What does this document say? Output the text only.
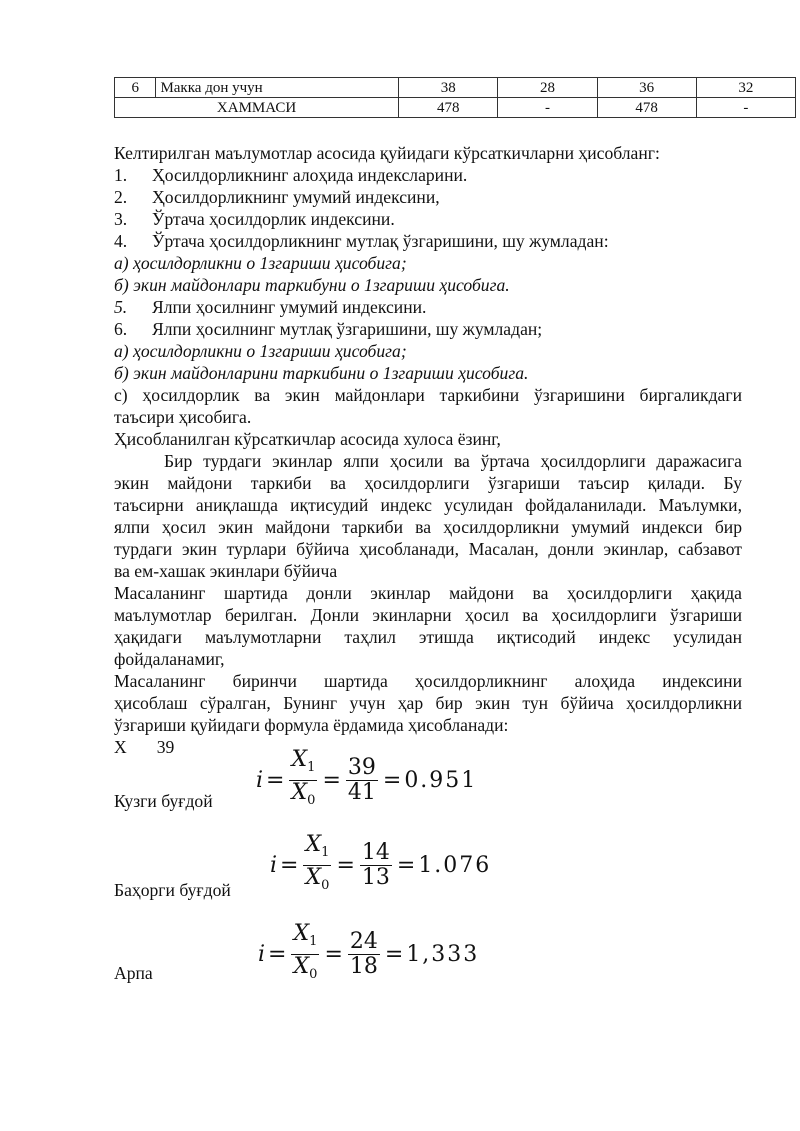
6	Макка дон учун	38	28	36	32
ХАММАСИ		478	-	478	-
Келтирилган маълумотлар асосида қуйидаги кўрсаткичларни ҳисобланг:
1. Ҳосилдорликнинг алоҳида индексларини.
2. Ҳосилдорликнинг умумий индексини,
3. Ўртача ҳосилдорлик индексини.
4. Ўртача ҳосилдорликнинг мутлақ ўзгаришини, шу жумладан:
а) ҳосилдорликни о 1згариши ҳисобига;
б) экин майдонлари таркибуни о 1згариши ҳисобига.
5. Ялпи ҳосилнинг умумий индексини.
6. Ялпи ҳосилнинг мутлақ ўзгаришини, шу жумладан;
а) ҳосилдорликни о 1згариши ҳисобига;
б) экин майдонларини таркибини о 1згариши ҳисобига.
с) ҳосилдорлик ва экин майдонлари таркибини ўзгаришини биргаликдаги
таъсири ҳисобига.
Ҳисобланилган кўрсаткичлар асосида хулоса ёзинг,
Бир турдаги экинлар ялпи ҳосили ва ўртача ҳосилдорлиги даражасига
экин майдони таркиби ва ҳосилдорлиги ўзгариши таъсир қилади. Бу
таъсирни аниқлашда иқтисудий индекс усулидан фойдаланилади. Маълумки,
ялпи ҳосил экин майдони таркиби ва ҳосилдорликни умумий индекси бир
турдаги экин турлари бўйича ҳисобланади, Масалан, донли экинлар, сабзавот
ва ем-хашак экинлари бўйича
Масаланинг шартида донли экинлар майдони ва ҳосилдорлиги ҳақида
маълумотлар берилган. Донли экинларни ҳосил ва ҳосилдорлиги ўзгариши
ҳақидаги маълумотларни таҳлил этишда иқтисодий индекс усулидан
фойдаланамиг,
Масаланинг биринчи шартида ҳосилдорликнинг алоҳида индексини
ҳисоблаш сўралган, Бунинг учун ҳар бир экин тун бўйича ҳосилдорликни
ўзгариши қуйидаги формула ёрдамида ҳисобланади:
Х 39
$i = \frac{X_1}{X_0} = \frac{39}{41} = 0.951$
Кузги буғдой
$i = \frac{X_1}{X_0} = \frac{14}{13} = 1.076$
Баҳорги буғдой
$i = \frac{X_1}{X_0} = \frac{24}{18} = 1,333$
Арпа
